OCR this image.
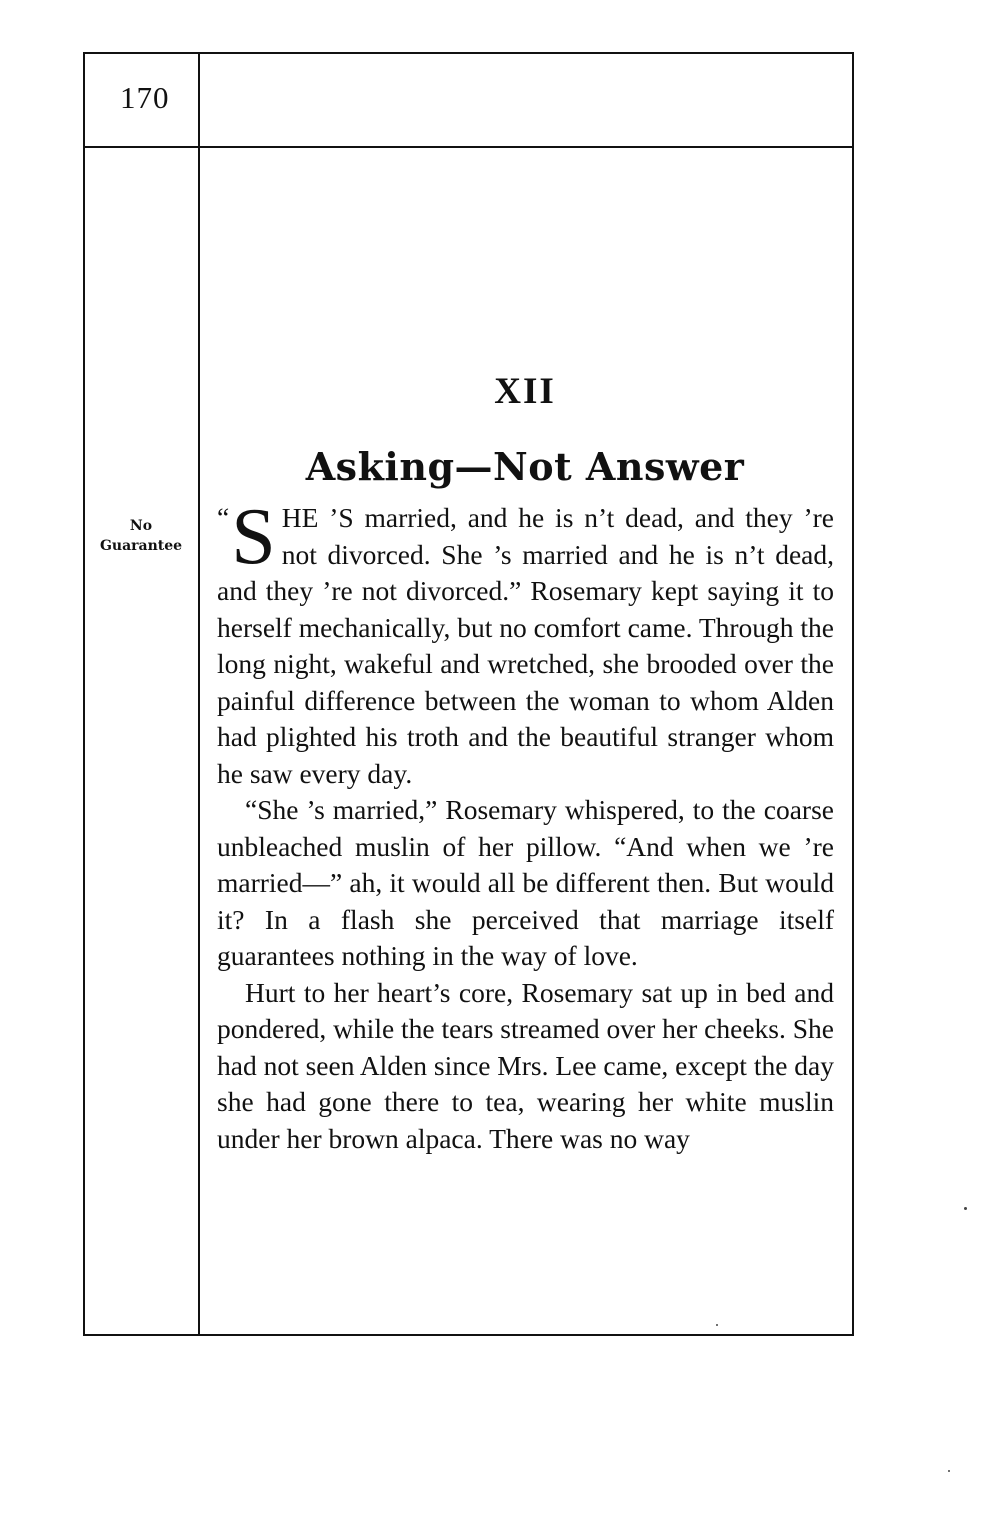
170
No
Guarantee
XII
Asking—Not Answer

“ S HE ’S married, and he is n’t dead, and they ’re not divorced. She ’s married and he is n’t dead, and they ’re not divorced.” Rosemary kept saying it to herself mechanically, but no comfort came. Through the long night, wakeful and wretched, she brooded over the painful difference between the woman to whom Alden had plighted his troth and the beautiful stranger whom he saw every day.

“She ’s married,” Rosemary whispered, to the coarse unbleached muslin of her pillow. “And when we ’re married—” ah, it would all be different then. But would it? In a flash she perceived that marriage itself guarantees nothing in the way of love.

Hurt to her heart’s core, Rosemary sat up in bed and pondered, while the tears streamed over her cheeks. She had not seen Alden since Mrs. Lee came, except the day she had gone there to tea, wearing her white muslin under her brown alpaca. There was no way
